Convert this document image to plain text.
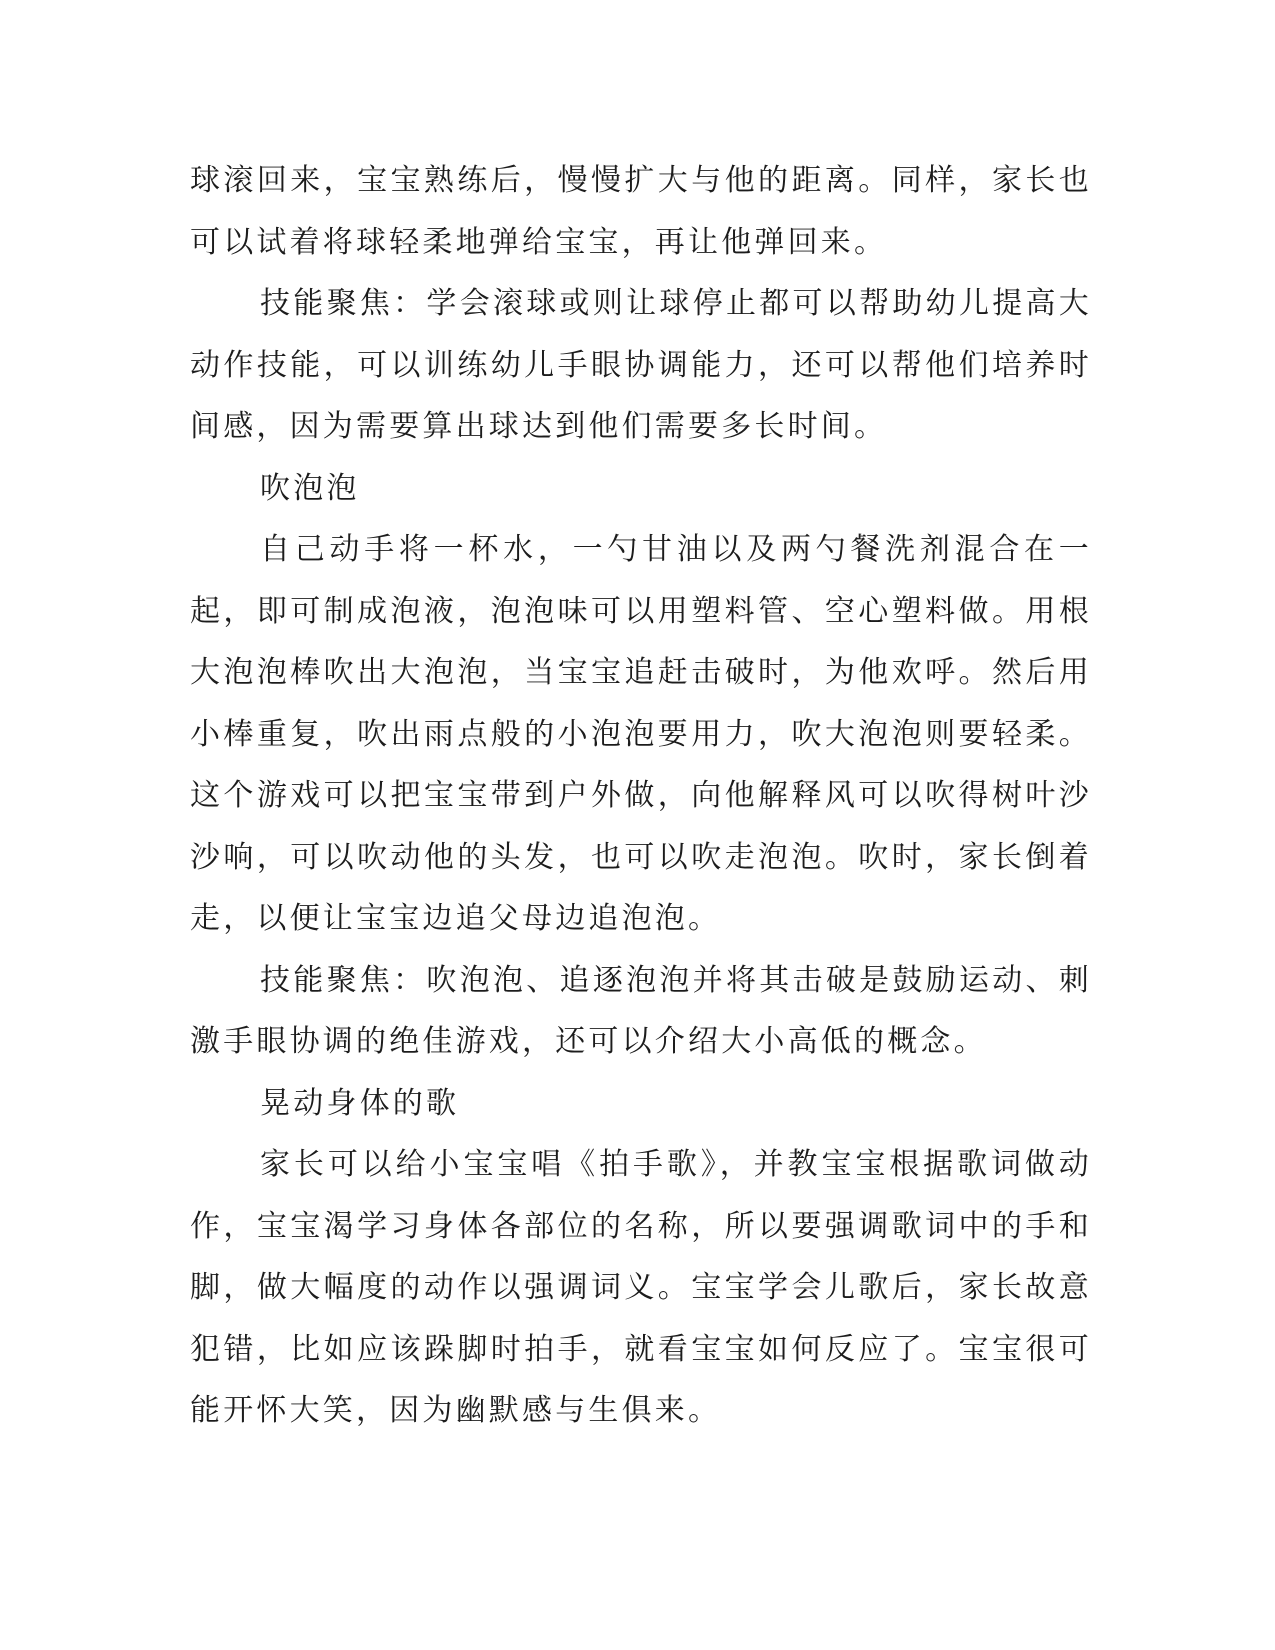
球滚回来，宝宝熟练后，慢慢扩大与他的距离。同样，家长也可以试着将球轻柔地弹给宝宝，再让他弹回来。

技能聚焦：学会滚球或则让球停止都可以帮助幼儿提高大动作技能，可以训练幼儿手眼协调能力，还可以帮他们培养时间感，因为需要算出球达到他们需要多长时间。

吹泡泡

自己动手将一杯水，一勺甘油以及两勺餐洗剂混合在一起，即可制成泡液，泡泡味可以用塑料管、空心塑料做。用根大泡泡棒吹出大泡泡，当宝宝追赶击破时，为他欢呼。然后用小棒重复，吹出雨点般的小泡泡要用力，吹大泡泡则要轻柔。这个游戏可以把宝宝带到户外做，向他解释风可以吹得树叶沙沙响，可以吹动他的头发，也可以吹走泡泡。吹时，家长倒着走，以便让宝宝边追父母边追泡泡。

技能聚焦：吹泡泡、追逐泡泡并将其击破是鼓励运动、刺激手眼协调的绝佳游戏，还可以介绍大小高低的概念。

晃动身体的歌

家长可以给小宝宝唱《拍手歌》，并教宝宝根据歌词做动作，宝宝渴学习身体各部位的名称，所以要强调歌词中的手和脚，做大幅度的动作以强调词义。宝宝学会儿歌后，家长故意犯错，比如应该跺脚时拍手，就看宝宝如何反应了。宝宝很可能开怀大笑，因为幽默感与生俱来。
